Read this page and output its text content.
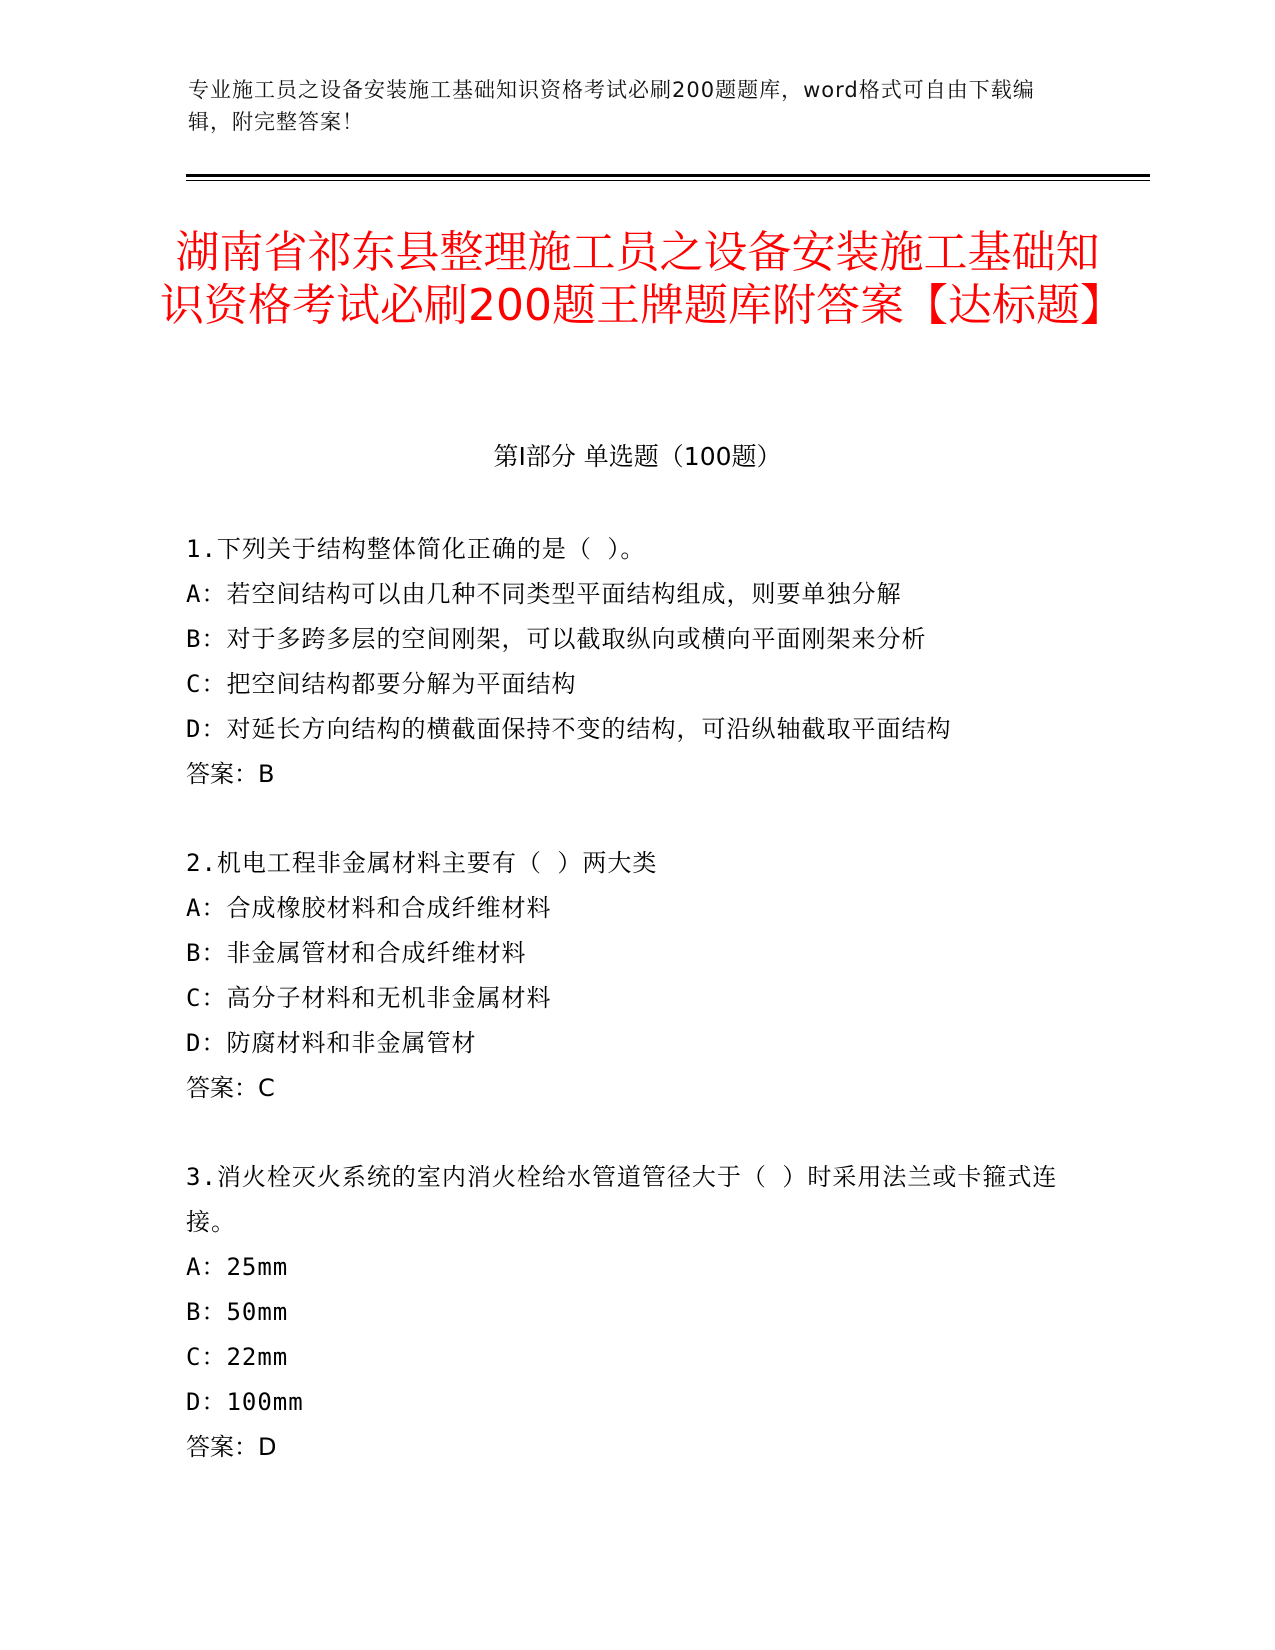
专业施工员之设备安装施工基础知识资格考试必刷200题题库，word格式可自由下载编辑，附完整答案！
湖南省祁东县整理施工员之设备安装施工基础知识资格考试必刷200题王牌题库附答案【达标题】
第Ⅰ部分 单选题（100题）

1.下列关于结构整体简化正确的是（ ）。

A：若空间结构可以由几种不同类型平面结构组成，则要单独分解

B：对于多跨多层的空间刚架，可以截取纵向或横向平面刚架来分析

C：把空间结构都要分解为平面结构

D：对延长方向结构的横截面保持不变的结构，可沿纵轴截取平面结构

答案：B

2.机电工程非金属材料主要有（ ）两大类

A：合成橡胶材料和合成纤维材料

B：非金属管材和合成纤维材料

C：高分子材料和无机非金属材料

D：防腐材料和非金属管材

答案：C

3.消火栓灭火系统的室内消火栓给水管道管径大于（ ）时采用法兰或卡箍式连接。

A：25mm

B：50mm

C：22mm

D：100mm

答案：D
